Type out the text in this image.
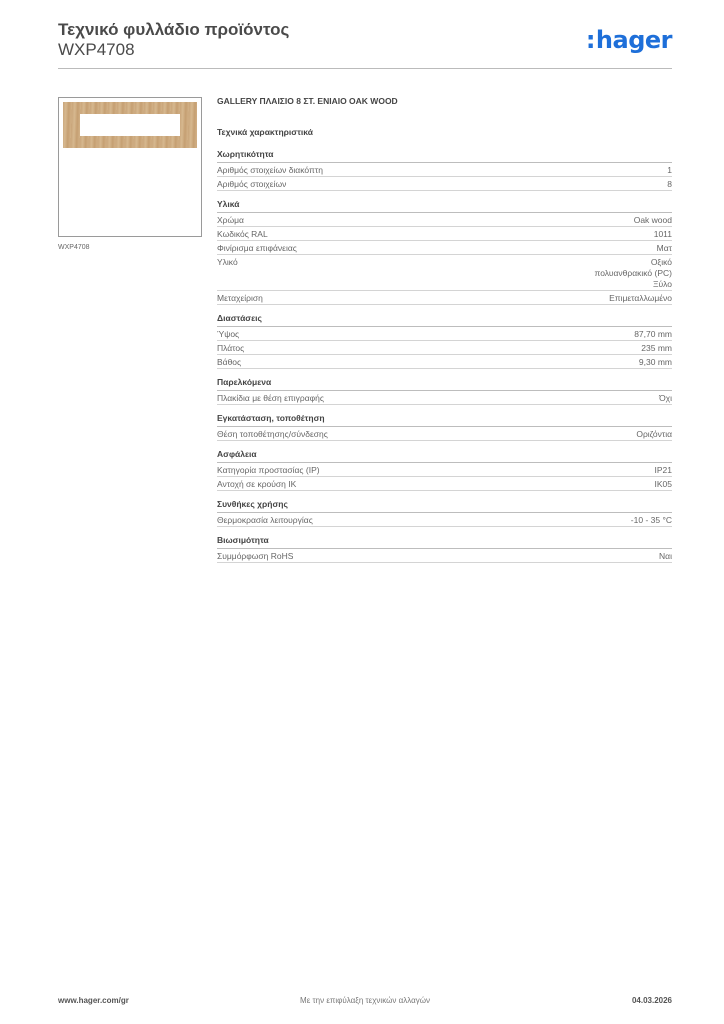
Τεχνικό φυλλάδιο προϊόντος
WXP4708	:hager
WXP4708
GALLERY ΠΛΑΙΣΙΟ 8 ΣΤ. ΕΝΙΑΙΟ OAK WOOD
Τεχνικά χαρακτηριστικά
Χωρητικότητα
Αριθμός στοιχείων διακόπτη	1
Αριθμός στοιχείων	8
Υλικά
Χρώμα	Oak wood
Κωδικός RAL	1011
Φινίρισμα επιφάνειας	Ματ
Υλικό	Οξικό
πολυανθρακικό (PC)
Ξύλο
Μεταχείριση	Επιμεταλλωμένο
Διαστάσεις
Ύψος	87,70 mm
Πλάτος	235 mm
Βάθος	9,30 mm
Παρελκόμενα
Πλακίδια με θέση επιγραφής	Όχι
Εγκατάσταση, τοποθέτηση
Θέση τοποθέτησης/σύνδεσης	Οριζόντια
Ασφάλεια
Κατηγορία προστασίας (IP)	IP21
Αντοχή σε κρούση IK	IK05
Συνθήκες χρήσης
Θερμοκρασία λειτουργίας	-10 - 35 °C
Βιωσιμότητα
Συμμόρφωση RoHS	Ναι
www.hager.com/gr	Με την επιφύλαξη τεχνικών αλλαγών	04.03.2026
